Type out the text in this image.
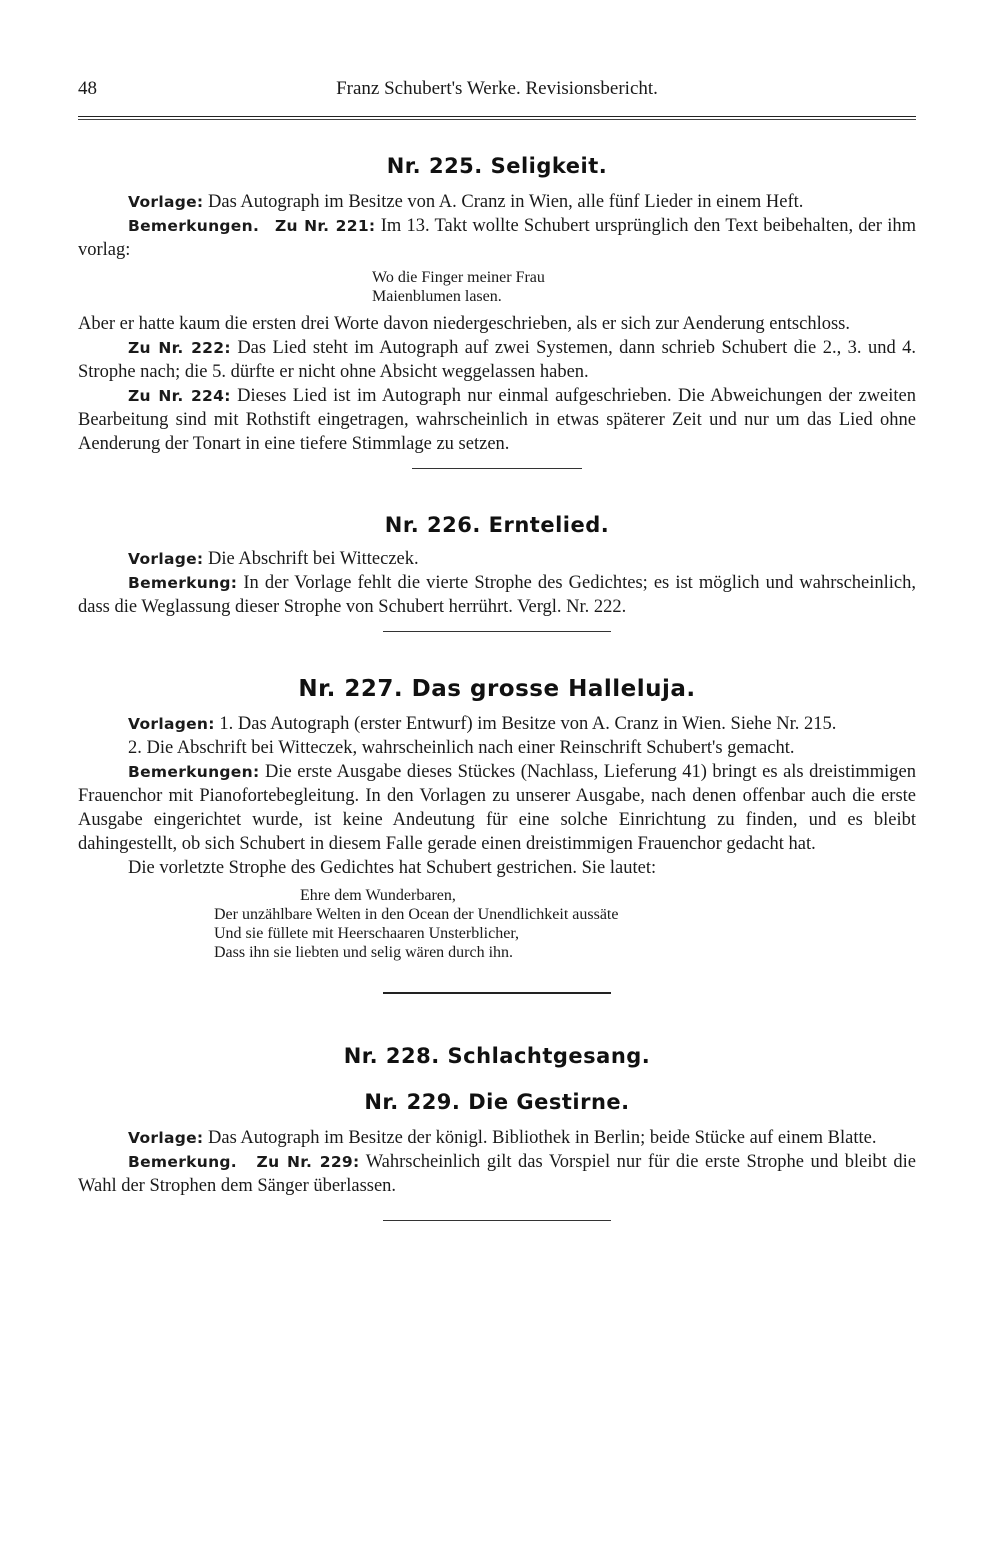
48	Franz Schubert's Werke. Revisionsbericht.
Nr. 225. Seligkeit.

Vorlage: Das Autograph im Besitze von A. Cranz in Wien, alle fünf Lieder in einem Heft.

Bemerkungen. Zu Nr. 221: Im 13. Takt wollte Schubert ursprünglich den Text beibehalten, der ihm vorlag:

Wo die Finger meiner Frau
Maienblumen lasen.

Aber er hatte kaum die ersten drei Worte davon niedergeschrieben, als er sich zur Aenderung entschloss.

Zu Nr. 222: Das Lied steht im Autograph auf zwei Systemen, dann schrieb Schubert die 2., 3. und 4. Strophe nach; die 5. dürfte er nicht ohne Absicht weggelassen haben.

Zu Nr. 224: Dieses Lied ist im Autograph nur einmal aufgeschrieben. Die Abweichungen der zweiten Bearbeitung sind mit Rothstift eingetragen, wahrscheinlich in etwas späterer Zeit und nur um das Lied ohne Aenderung der Tonart in eine tiefere Stimmlage zu setzen.

Nr. 226. Erntelied.

Vorlage: Die Abschrift bei Witteczek.

Bemerkung: In der Vorlage fehlt die vierte Strophe des Gedichtes; es ist möglich und wahrscheinlich, dass die Weglassung dieser Strophe von Schubert herrührt. Vergl. Nr. 222.

Nr. 227. Das grosse Halleluja.

Vorlagen: 1. Das Autograph (erster Entwurf) im Besitze von A. Cranz in Wien. Siehe Nr. 215.

2. Die Abschrift bei Witteczek, wahrscheinlich nach einer Reinschrift Schubert's gemacht.

Bemerkungen: Die erste Ausgabe dieses Stückes (Nachlass, Lieferung 41) bringt es als dreistimmigen Frauenchor mit Pianofortebegleitung. In den Vorlagen zu unserer Ausgabe, nach denen offenbar auch die erste Ausgabe eingerichtet wurde, ist keine Andeutung für eine solche Einrichtung zu finden, und es bleibt dahingestellt, ob sich Schubert in diesem Falle gerade einen dreistimmigen Frauenchor gedacht hat.

Die vorletzte Strophe des Gedichtes hat Schubert gestrichen. Sie lautet:

Ehre dem Wunderbaren,
Der unzählbare Welten in den Ocean der Unendlichkeit aussäte
Und sie füllete mit Heerschaaren Unsterblicher,
Dass ihn sie liebten und selig wären durch ihn.
Nr. 228. Schlachtgesang.
Nr. 229. Die Gestirne.

Vorlage: Das Autograph im Besitze der königl. Bibliothek in Berlin; beide Stücke auf einem Blatte.

Bemerkung. Zu Nr. 229: Wahrscheinlich gilt das Vorspiel nur für die erste Strophe und bleibt die Wahl der Strophen dem Sänger überlassen.
